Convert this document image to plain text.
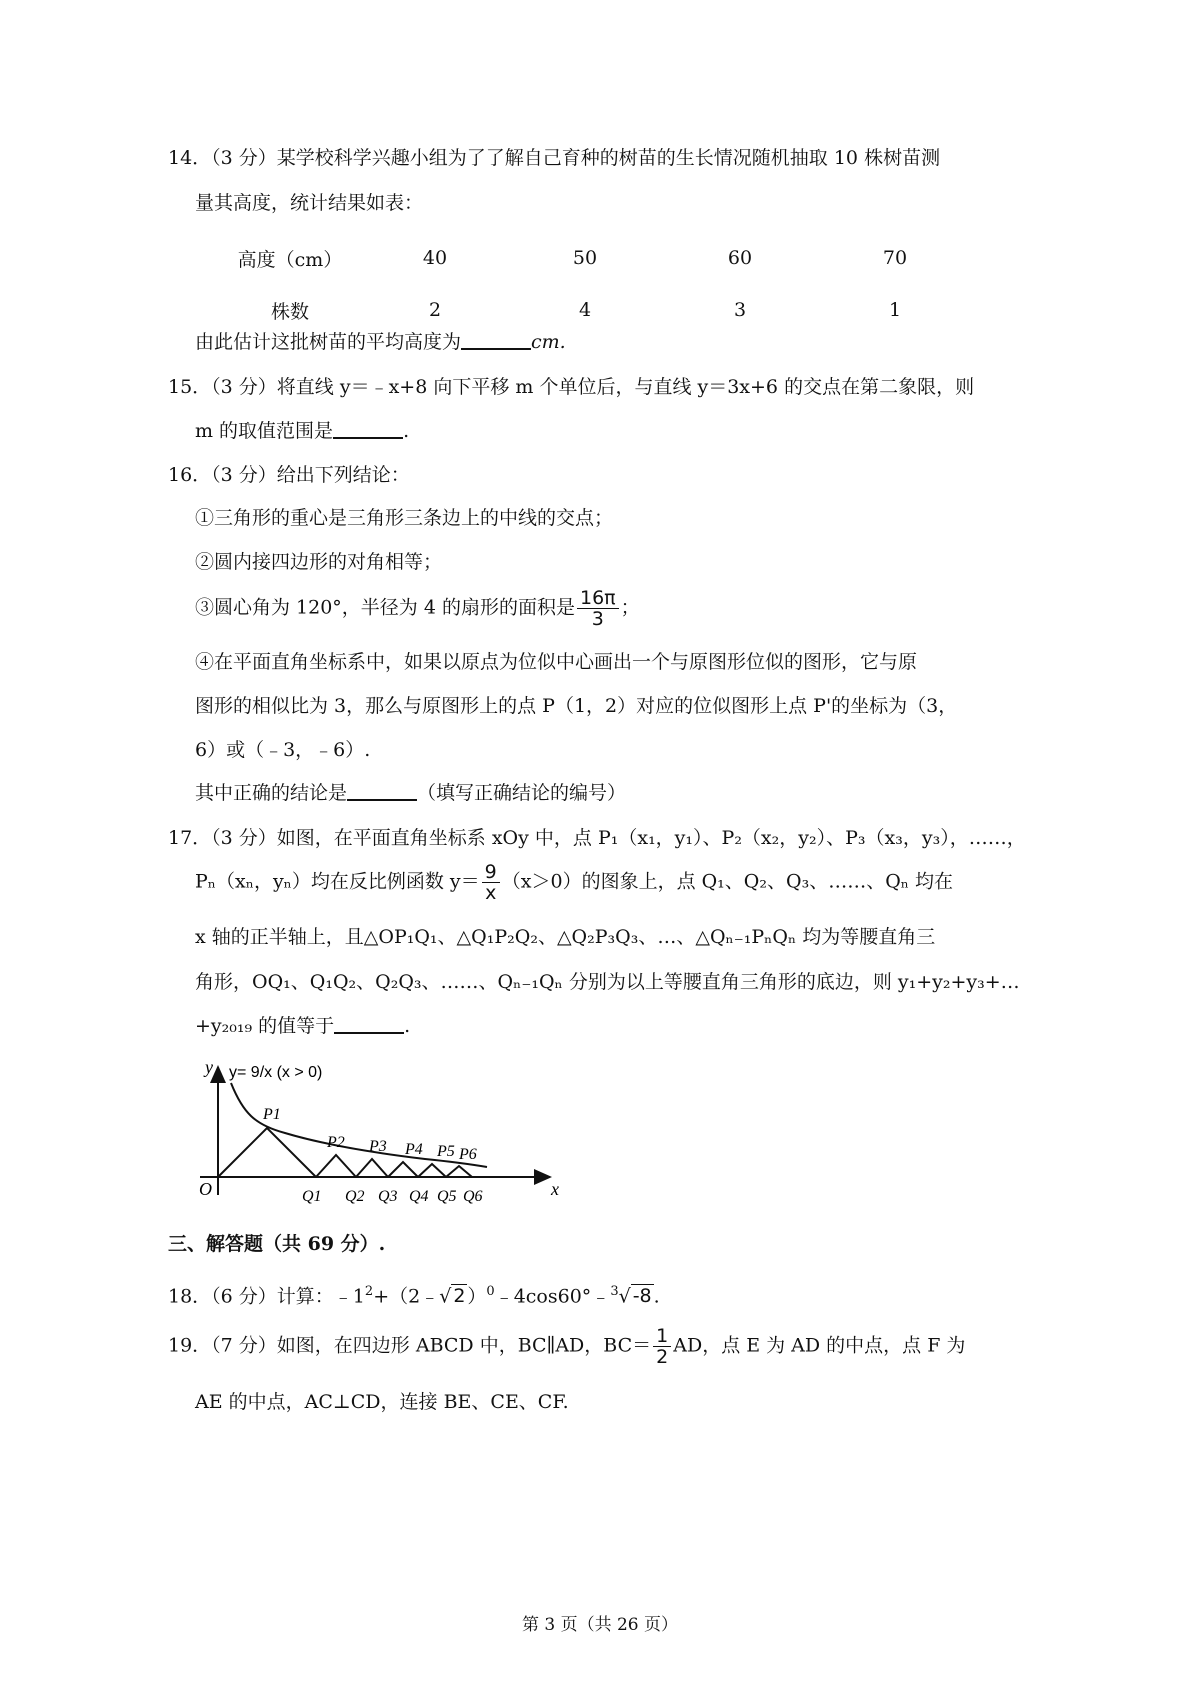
14．（3 分）某学校科学兴趣小组为了了解自己育种的树苗的生长情况随机抽取 10 株树苗测
量其高度，统计结果如表：
高度（cm）	40	50	60	70
株数	2	4	3	1
由此估计这批树苗的平均高度为	cm.
15．（3 分）将直线 y＝﹣x+8 向下平移 m 个单位后，与直线 y＝3x+6 的交点在第二象限，则
m 的取值范围是	.
16．（3 分）给出下列结论：
①三角形的重心是三角形三条边上的中线的交点；
②圆内接四边形的对角相等；
③圆心角为 120°，半径为 4 的扇形的面积是 $\frac{16\pi}{3}$ ；
④在平面直角坐标系中，如果以原点为位似中心画出一个与原图形位似的图形，它与原
图形的相似比为 3，那么与原图形上的点 P（1，2）对应的位似图形上点 P'的坐标为（3，
6）或（﹣3，﹣6）.
其中正确的结论是	（填写正确结论的编号）
17．（3 分）如图，在平面直角坐标系 xOy 中，点 P₁（x₁，y₁）、P₂（x₂，y₂）、P₃（x₃，y₃），……，
Pₙ（xₙ，yₙ）均在反比例函数 $y= \frac{9}{x} (x>0)$的图象上，点 Q₁、Q₂、Q₃、……、Qₙ 均在
x 轴的正半轴上，且△OP₁Q₁、△Q₁P₂Q₂、△Q₂P₃Q₃、…、△Qₙ₋₁PₙQₙ 均为等腰直角三
角形，OQ₁、Q₁Q₂、Q₂Q₃、……、Qₙ₋₁Qₙ 分别为以上等腰直角三角形的底边，则 y₁+y₂+y₃+…
+y₂₀₁₉ 的值等于	.
y
x
O
y= 9/x (x > 0)
P1
P2 P3 P4 P5 P6
Q1 Q2 Q3 Q4 Q5 Q6
三、解答题（共 69 分）.
18．（6 分）计算：$﹣1^2+(2﹣√$ 2 ）$^0$﹣4cos60°﹣$^3$√ -8 .
19．（7 分）如图，在四边形 ABCD 中，BC∥AD，$BC= \frac{1}{2}$ AD，点 E 为 AD 的中点，点 F 为
AE 的中点，AC⊥CD，连接 BE、CE、CF.
第 3 页（共 26 页）
